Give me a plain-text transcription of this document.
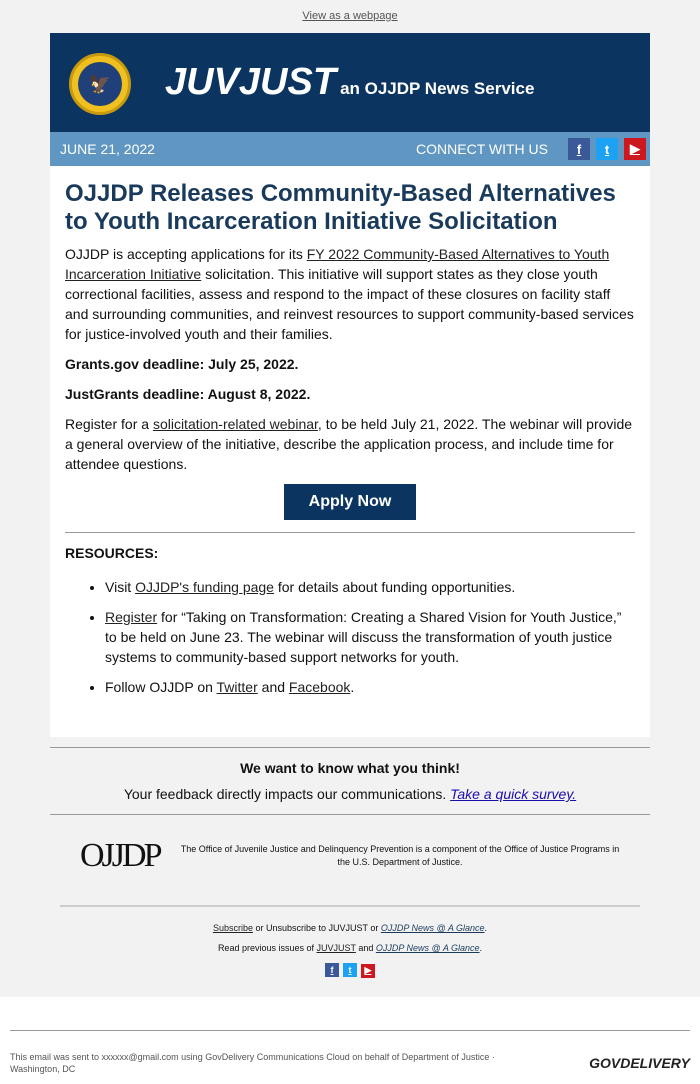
View as a webpage
🦅 JUVJUST an OJJDP News Service
JUNE 21, 2022	CONNECT WITH US	f	t	▶
OJJDP Releases Community-Based Alternatives to Youth Incarceration Initiative Solicitation

OJJDP is accepting applications for its FY 2022 Community-Based Alternatives to Youth Incarceration Initiative solicitation. This initiative will support states as they close youth correctional facilities, assess and respond to the impact of these closures on facility staff and surrounding communities, and reinvest resources to support community-based services for justice-involved youth and their families.

Grants.gov deadline: July 25, 2022.

JustGrants deadline: August 8, 2022.

Register for a solicitation-related webinar, to be held July 21, 2022. The webinar will provide a general overview of the initiative, describe the application process, and include time for attendee questions.

Apply Now
RESOURCES:
• Visit OJJDP's funding page for details about funding opportunities.
• Register for “Taking on Transformation: Creating a Shared Vision for Youth Justice,” to be held on June 23. The webinar will discuss the transformation of youth justice systems to community-based support networks for youth.
• Follow OJJDP on Twitter and Facebook.
We want to know what you think!
Your feedback directly impacts our communications. Take a quick survey.
OJJDP	The Office of Juvenile Justice and Delinquency Prevention is a component of the Office of Justice Programs in the U.S. Department of Justice.
Subscribe or Unsubscribe to JUVJUST or OJJDP News @ A Glance.
Read previous issues of JUVJUST and OJJDP News @ A Glance.
f t ▶
This email was sent to xxxxxx@gmail.com using GovDelivery Communications Cloud on behalf of Department of Justice · Washington, DC	GOVDELIVERY
